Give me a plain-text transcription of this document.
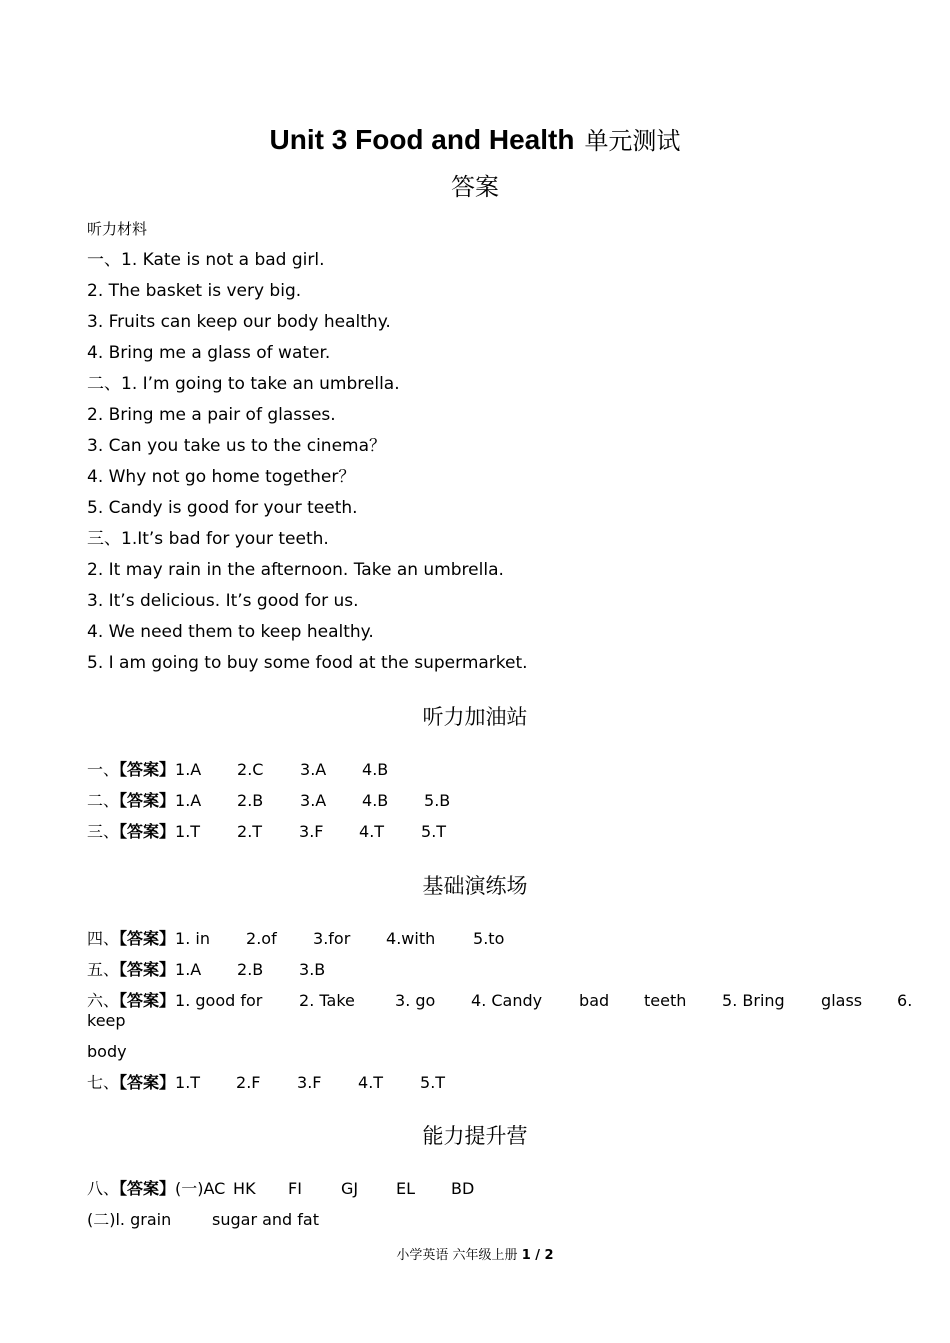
Unit 3 Food and Health 单元测试
答案
听力材料
一、1. Kate is not a bad girl.
2. The basket is very big.
3. Fruits can keep our body healthy.
4. Bring me a glass of water.
二、1. I’m going to take an umbrella.
2. Bring me a pair of glasses.
3. Can you take us to the cinema？
4. Why not go home together？
5. Candy is good for your teeth.
三、1.It’s bad for your teeth.
2. It may rain in the afternoon. Take an umbrella.
3. It’s delicious. It’s good for us.
4. We need them to keep healthy.
5. I am going to buy some food at the supermarket.
听力加油站
一、【答案】1.A 2.C 3.A 4.B
二、【答案】1.A 2.B 3.A 4.B 5.B
三、【答案】1.T 2.T 3.F 4.T 5.T
基础演练场
四、【答案】1. in 2.of 3.for 4.with 5.to
五、【答案】1.A 2.B 3.B
六、【答案】1. good for 2. Take	3. go 4. Candy bad teeth 5. Bring glass 6.
keep
body
七、【答案】1.T 2.F 3.F 4.T 5.T
能力提升营
八、【答案】(一)AC HK FI GJ EL BD
(二)l. grain	sugar and fat
小学英语 六年级上册 1 / 2
